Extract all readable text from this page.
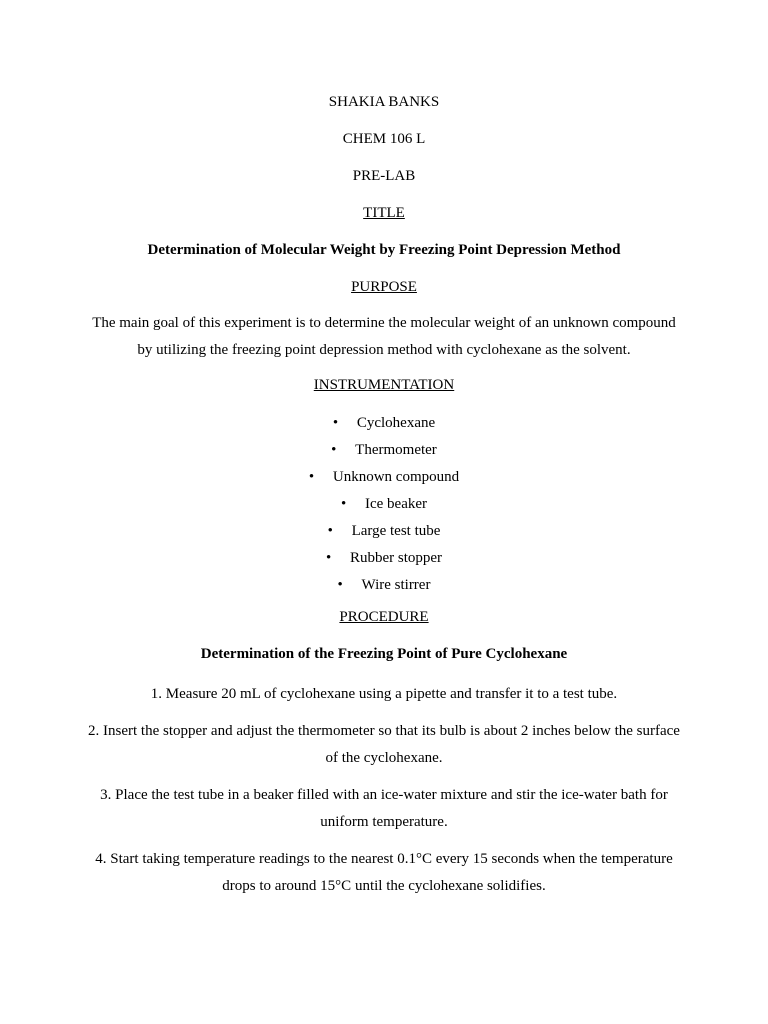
SHAKIA BANKS
CHEM 106 L
PRE-LAB
TITLE
Determination of Molecular Weight by Freezing Point Depression Method
PURPOSE
The main goal of this experiment is to determine the molecular weight of an unknown compound by utilizing the freezing point depression method with cyclohexane as the solvent.
INSTRUMENTATION
• Cyclohexane
• Thermometer
• Unknown compound
• Ice beaker
• Large test tube
• Rubber stopper
• Wire stirrer
PROCEDURE
Determination of the Freezing Point of Pure Cyclohexane
1. Measure 20 mL of cyclohexane using a pipette and transfer it to a test tube.
2. Insert the stopper and adjust the thermometer so that its bulb is about 2 inches below the surface of the cyclohexane.
3. Place the test tube in a beaker filled with an ice-water mixture and stir the ice-water bath for uniform temperature.
4. Start taking temperature readings to the nearest 0.1°C every 15 seconds when the temperature drops to around 15°C until the cyclohexane solidifies.
